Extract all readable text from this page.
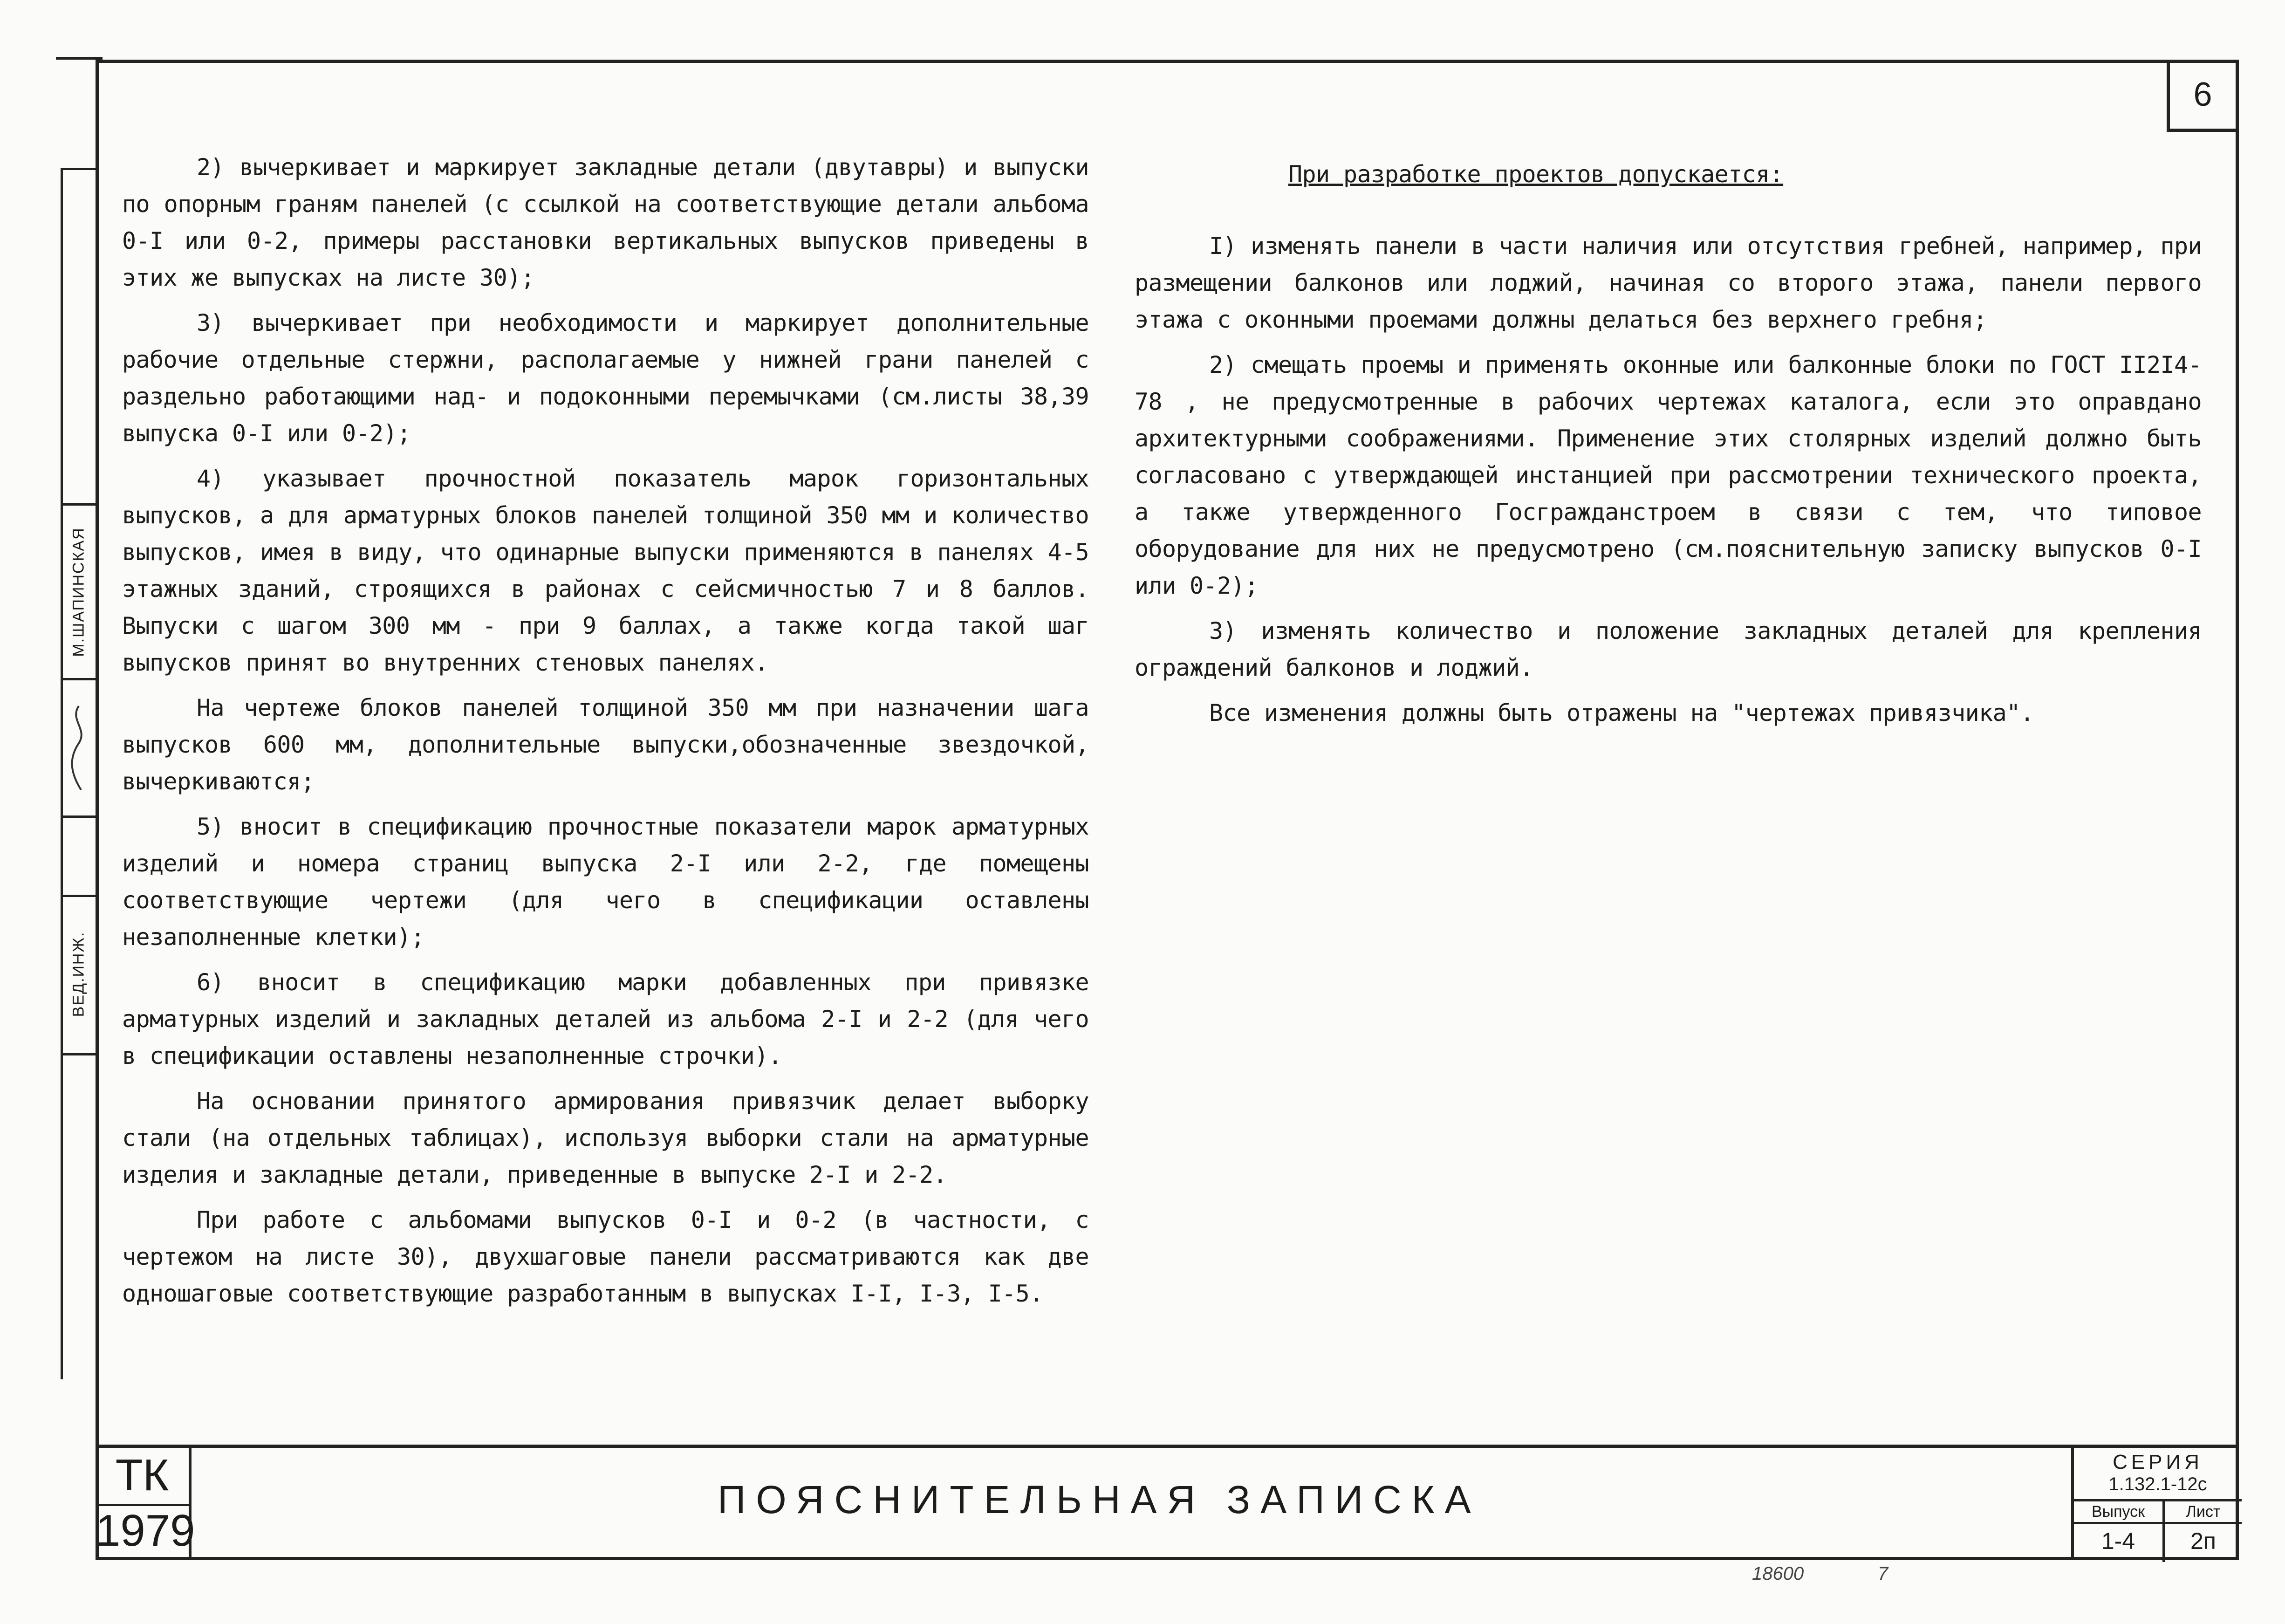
6
М.ШАПИНСКАЯ
ВЕД.ИНЖ.

2) вычеркивает и маркирует закладные детали (двутавры) и выпуски по опорным граням панелей (с ссылкой на соответствующие детали альбома 0-I или 0-2, примеры расстановки вертикальных выпусков приведены в этих же выпусках на листе 30);

3) вычеркивает при необходимости и маркирует дополнительные рабочие отдельные стержни, располагаемые у нижней грани панелей с раздельно работающими над- и подоконными перемычками (см.листы 38,39 выпуска 0-I или 0-2);

4) указывает прочностной показатель марок горизонтальных выпусков, а для арматурных блоков панелей толщиной 350 мм и количество выпусков, имея в виду, что одинарные выпуски применяются в панелях 4-5 этажных зданий, строящихся в районах с сейсмичностью 7 и 8 баллов. Выпуски с шагом 300 мм - при 9 баллах, а также когда такой шаг выпусков принят во внутренних стеновых панелях.

На чертеже блоков панелей толщиной 350 мм при назначении шага выпусков 600 мм, дополнительные выпуски,обозначенные звездочкой, вычеркиваются;

5) вносит в спецификацию прочностные показатели марок арматурных изделий и номера страниц выпуска 2-I или 2-2, где помещены соответствующие чертежи (для чего в спецификации оставлены незаполненные клетки);

6) вносит в спецификацию марки добавленных при привязке арматурных изделий и закладных деталей из альбома 2-I и 2-2 (для чего в спецификации оставлены незаполненные строчки).

На основании принятого армирования привязчик делает выборку стали (на отдельных таблицах), используя выборки стали на арматурные изделия и закладные детали, приведенные в выпуске 2-I и 2-2.

При работе с альбомами выпусков 0-I и 0-2 (в частности, с чертежом на листе 30), двухшаговые панели рассматриваются как две одношаговые соответствующие разработанным в выпусках I-I, I-3, I-5.

При разработке проектов допускается:

I) изменять панели в части наличия или отсутствия гребней, например, при размещении балконов или лоджий, начиная со второго этажа, панели первого этажа с оконными проемами должны делаться без верхнего гребня;

2) смещать проемы и применять оконные или балконные блоки по ГОСТ II2I4-78 , не предусмотренные в рабочих чертежах каталога, если это оправдано архитектурными соображениями. Применение этих столярных изделий должно быть согласовано с утверждающей инстанцией при рассмотрении технического проекта, а также утвержденного Госгражданстроем в связи с тем, что типовое оборудование для них не предусмотрено (см.пояснительную записку выпусков 0-I или 0-2);

3) изменять количество и положение закладных деталей для крепления ограждений балконов и лоджий.

Все изменения должны быть отражены на "чертежах привязчика".

ТК
1979
ПОЯСНИТЕЛЬНАЯ ЗАПИСКА
СЕРИЯ
1.132.1-12с
Выпуск
1-4
Лист
2п
18600	7
